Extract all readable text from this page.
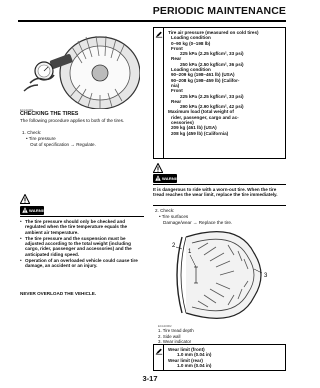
PERIODIC MAINTENANCE
ECA10001
CHECKING THE TIRES
The following procedure applies to both of the tires.
1. Check:
• Tire pressure
Out of specification → Regulate.
WARNING
• The tire pressure should only be checked and regulated when the tire temperature equals the ambient air temperature.
• The tire pressure and the suspension must be adjusted according to the total weight (including cargo, rider, passenger and accessories) and the anticipated riding speed.
• Operation of an overloaded vehicle could cause tire damage, an accident or an injury.
NEVER OVERLOAD THE VEHICLE.
Tire air pressure (measured on cold tires)
Loading condition
0–90 kg (0–198 lb)
Front
225 kPa (2.25 kgf/cm², 33 psi)
Rear
250 kPa (2.50 kgf/cm², 36 psi)
Loading condition
90–209 kg (198–461 lb) (USA)
90–208 kg (198–459 lb) (Califor-
nia)
Front
225 kPa (2.25 kgf/cm², 33 psi)
Rear
290 kPa (2.90 kgf/cm², 42 psi)
Maximum load (total weight of
rider, passenger, cargo and ac-
cessories)
209 kg (461 lb) (USA)
208 kg (459 lb) (California)
WARNING
It is dangerous to ride with a worn-out tire. When the tire tread reaches the wear limit, replace the tire immediately.
2. Check:
• Tire surfaces
Damage/wear → Replace the tire.
1
2
3
ECA10002
1. Tire tread depth
2. Side wall
3. Wear indicator
Wear limit (front)
1.0 mm (0.04 in)
Wear limit (rear)
1.0 mm (0.04 in)
3-17
